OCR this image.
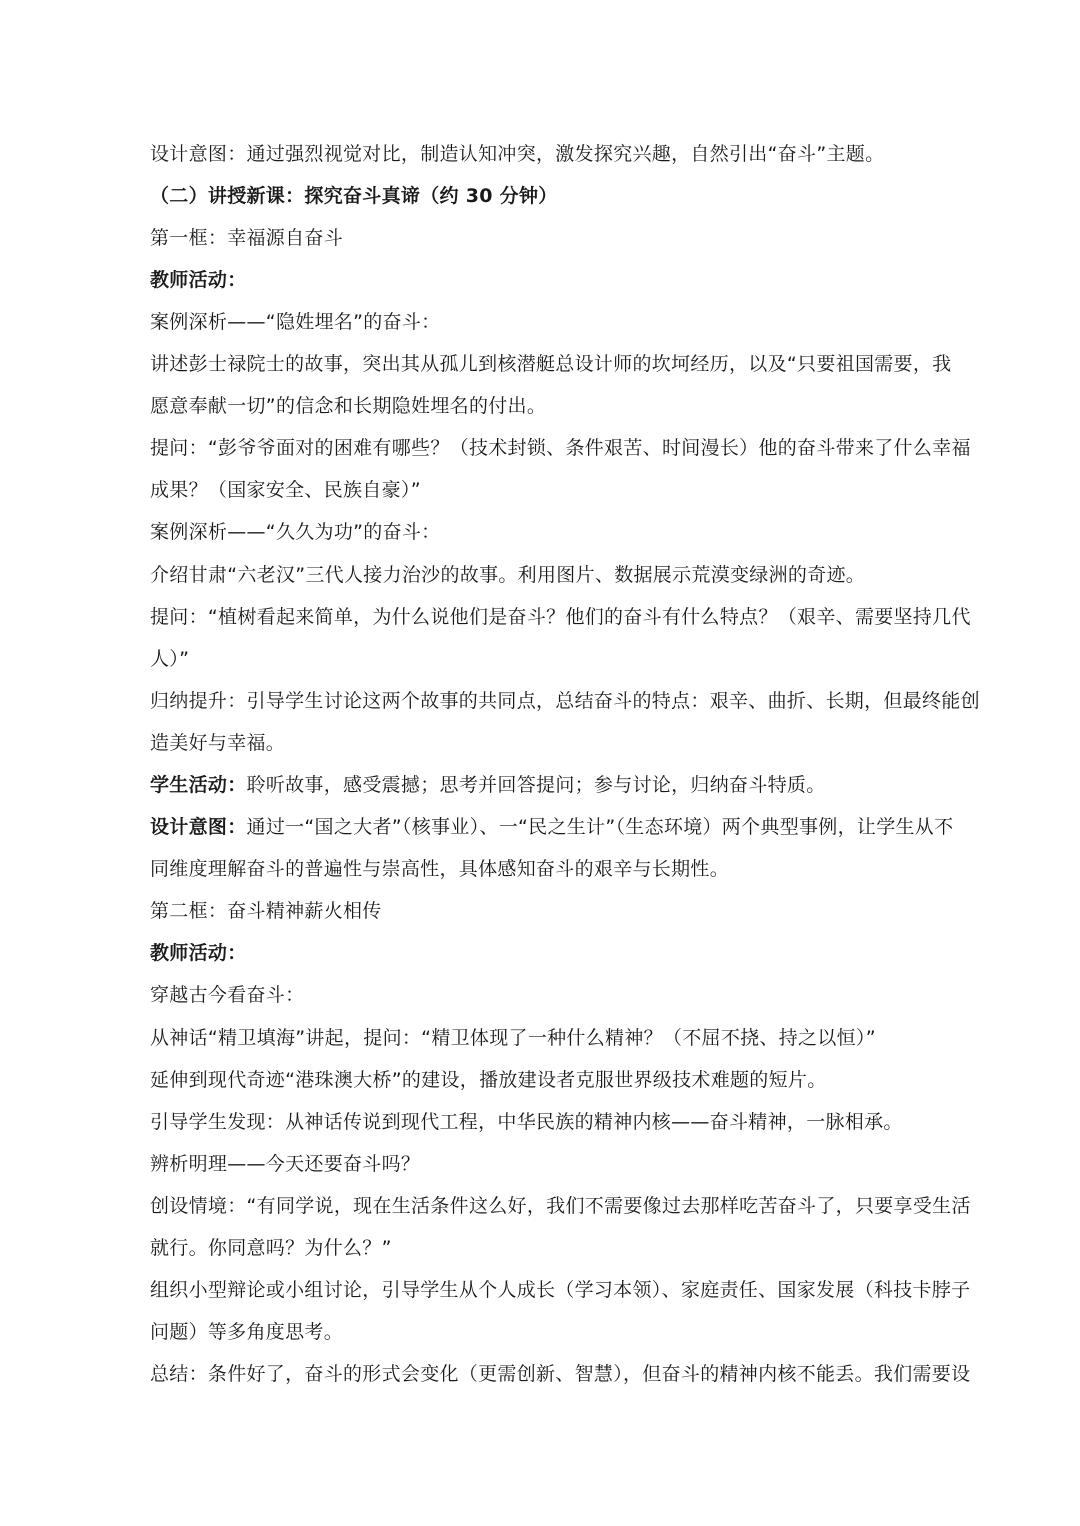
设计意图：通过强烈视觉对比，制造认知冲突，激发探究兴趣，自然引出“奋斗”主题。
（二）讲授新课：探究奋斗真谛（约 30 分钟）
第一框：幸福源自奋斗
教师活动：
案例深析——“隐姓埋名”的奋斗：
讲述彭士禄院士的故事，突出其从孤儿到核潜艇总设计师的坎坷经历，以及“只要祖国需要，我
愿意奉献一切”的信念和长期隐姓埋名的付出。
提问：“彭爷爷面对的困难有哪些？（技术封锁、条件艰苦、时间漫长）他的奋斗带来了什么幸福
成果？（国家安全、民族自豪）”
案例深析——“久久为功”的奋斗：
介绍甘肃“六老汉”三代人接力治沙的故事。利用图片、数据展示荒漠变绿洲的奇迹。
提问：“植树看起来简单，为什么说他们是奋斗？他们的奋斗有什么特点？（艰辛、需要坚持几代
人）”
归纳提升：引导学生讨论这两个故事的共同点，总结奋斗的特点：艰辛、曲折、长期，但最终能创
造美好与幸福。
学生活动：聆听故事，感受震撼；思考并回答提问；参与讨论，归纳奋斗特质。
设计意图：通过一“国之大者”（核事业）、一“民之生计”（生态环境）两个典型事例，让学生从不
同维度理解奋斗的普遍性与崇高性，具体感知奋斗的艰辛与长期性。
第二框：奋斗精神薪火相传
教师活动：
穿越古今看奋斗：
从神话“精卫填海”讲起，提问：“精卫体现了一种什么精神？（不屈不挠、持之以恒）”
延伸到现代奇迹“港珠澳大桥”的建设，播放建设者克服世界级技术难题的短片。
引导学生发现：从神话传说到现代工程，中华民族的精神内核——奋斗精神，一脉相承。
辨析明理——今天还要奋斗吗？
创设情境：“有同学说，现在生活条件这么好，我们不需要像过去那样吃苦奋斗了，只要享受生活
就行。你同意吗？为什么？”
组织小型辩论或小组讨论，引导学生从个人成长（学习本领）、家庭责任、国家发展（科技卡脖子
问题）等多角度思考。
总结：条件好了，奋斗的形式会变化（更需创新、智慧），但奋斗的精神内核不能丢。我们需要设
